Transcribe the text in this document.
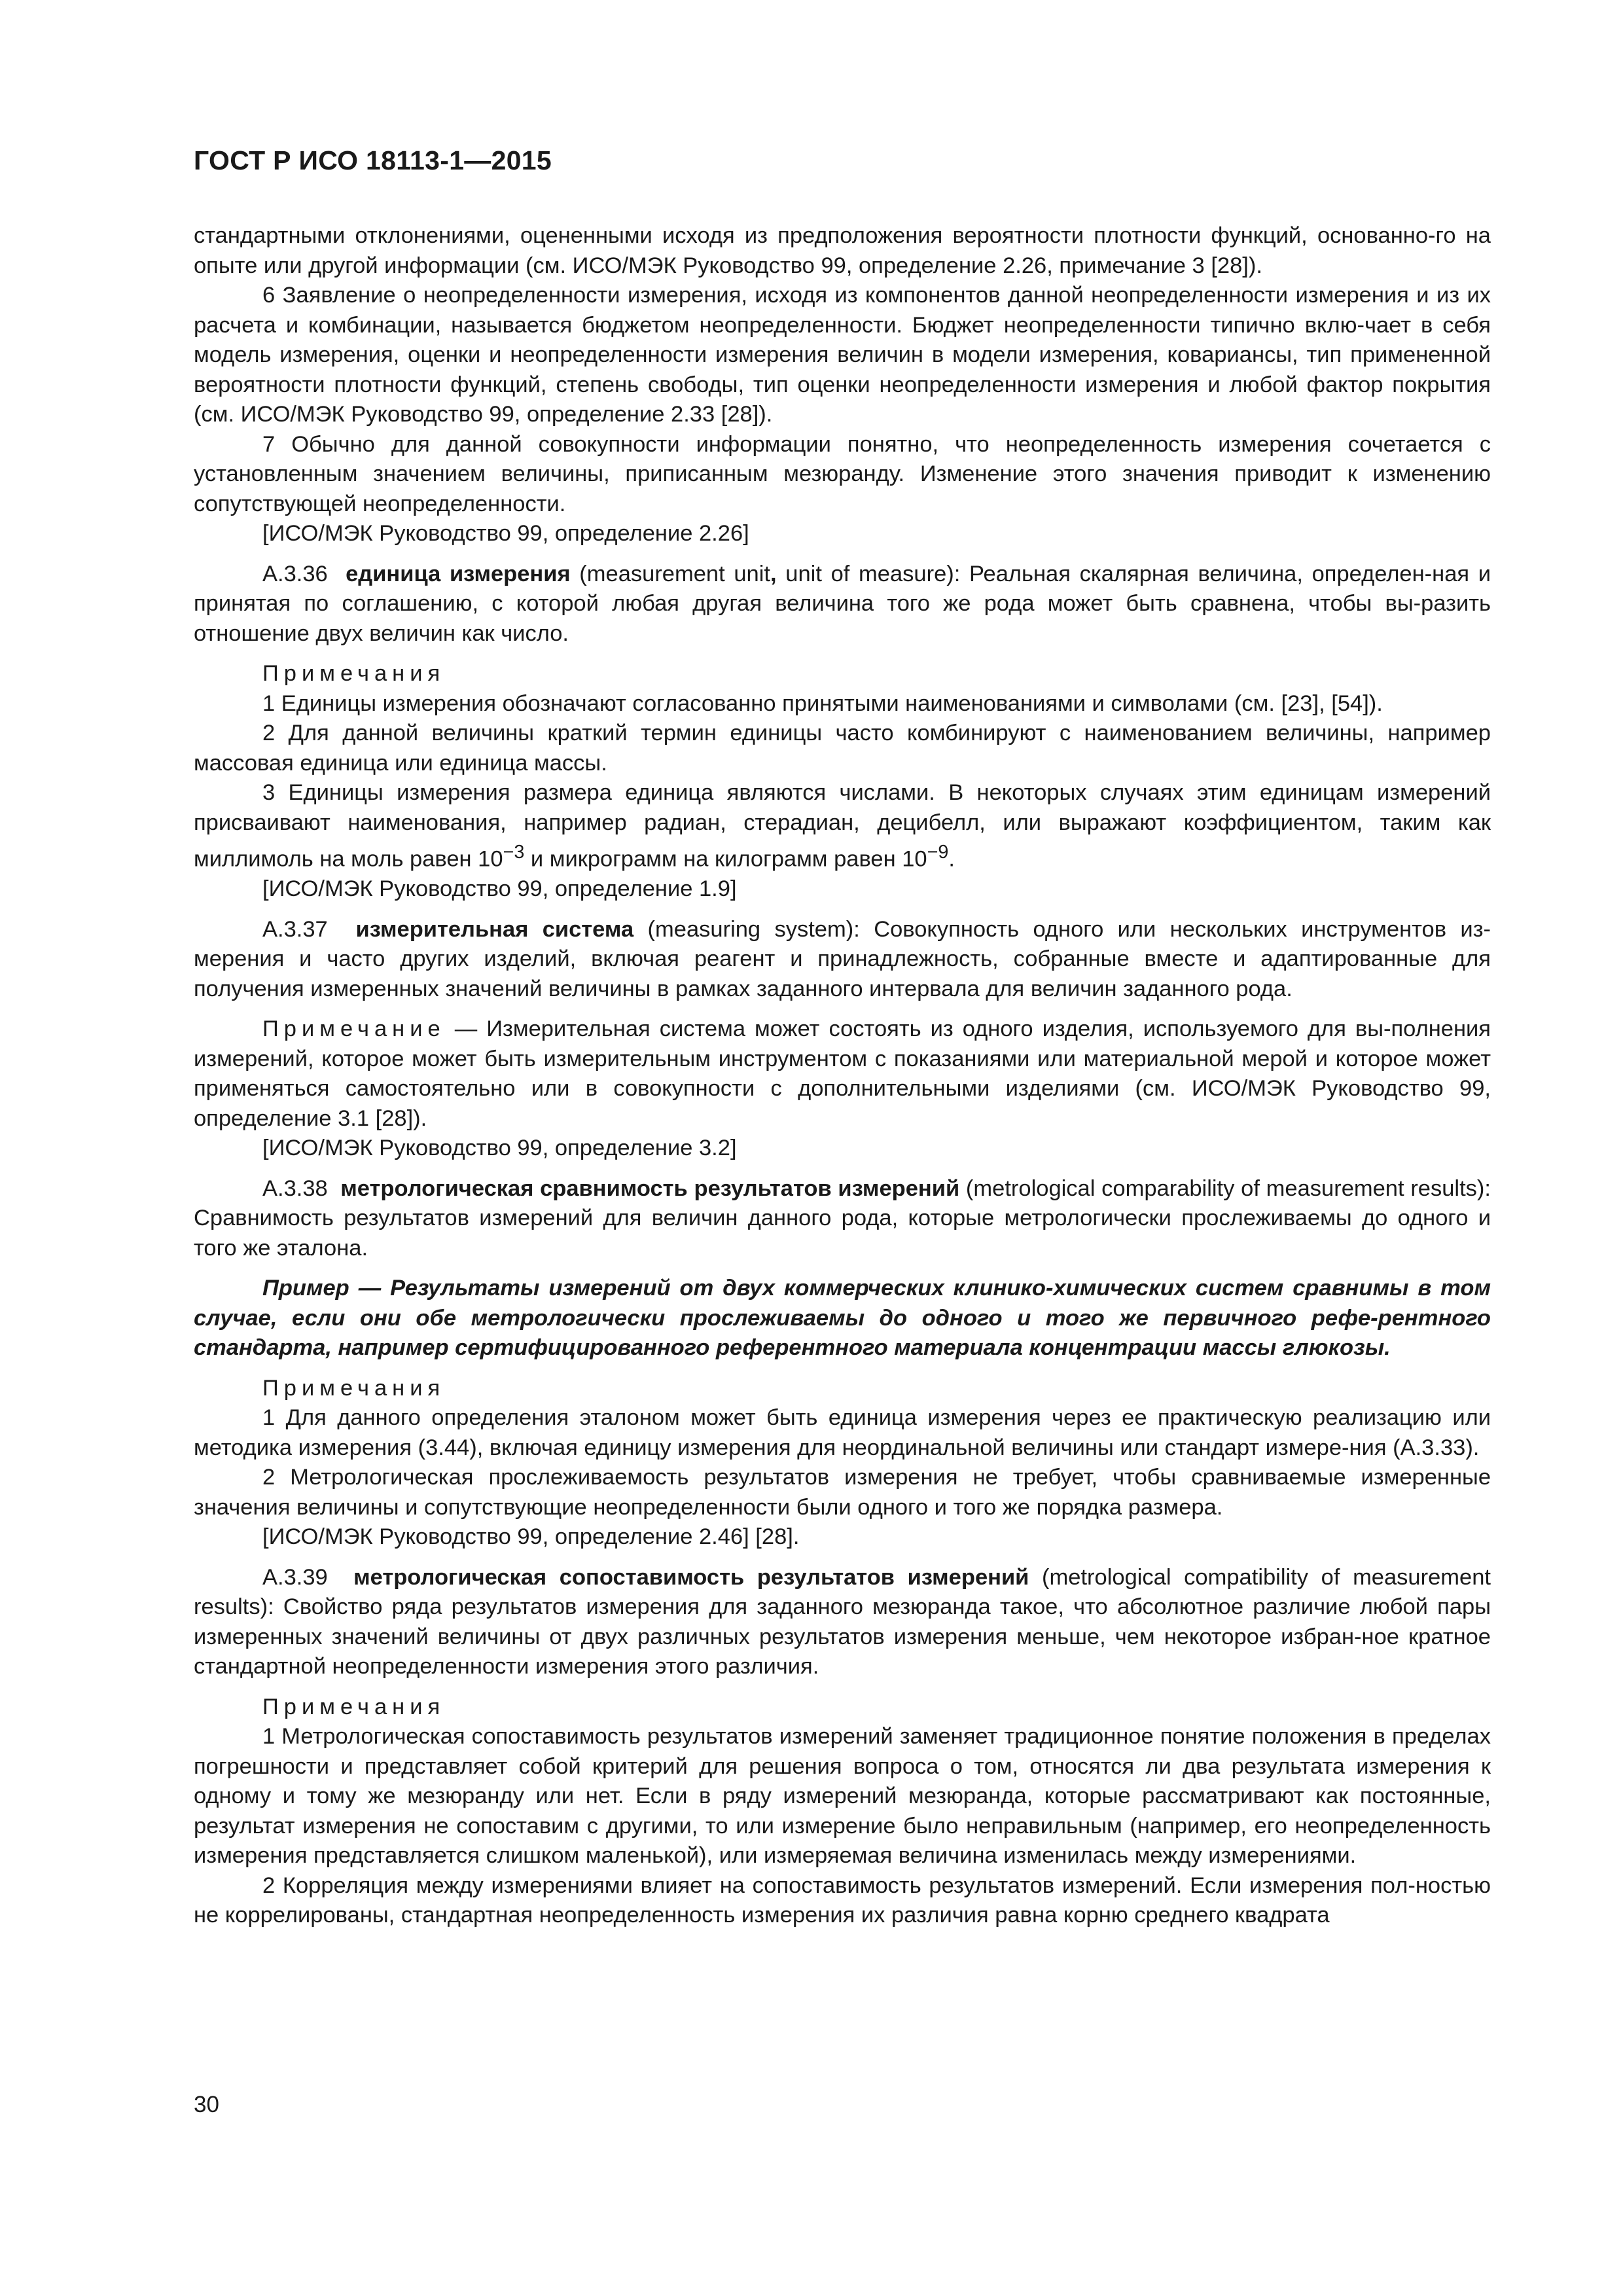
ГОСТ Р ИСО 18113-1—2015

стандартными отклонениями, оцененными исходя из предположения вероятности плотности функций, основанно-го на опыте или другой информации (см. ИСО/МЭК Руководство 99, определение 2.26, примечание 3 [28]).

6 Заявление о неопределенности измерения, исходя из компонентов данной неопределенности измерения и из их расчета и комбинации, называется бюджетом неопределенности. Бюджет неопределенности типично вклю-чает в себя модель измерения, оценки и неопределенности измерения величин в модели измерения, ковариансы, тип примененной вероятности плотности функций, степень свободы, тип оценки неопределенности измерения и любой фактор покрытия (см. ИСО/МЭК Руководство 99, определение 2.33 [28]).

7 Обычно для данной совокупности информации понятно, что неопределенность измерения сочетается с установленным значением величины, приписанным мезюранду. Изменение этого значения приводит к изменению сопутствующей неопределенности.

[ИСО/МЭК Руководство 99, определение 2.26]

А.3.36 единица измерения (measurement unit, unit of measure): Реальная скалярная величина, определен-ная и принятая по соглашению, с которой любая другая величина того же рода может быть сравнена, чтобы вы-разить отношение двух величин как число.

Примечания

1 Единицы измерения обозначают согласованно принятыми наименованиями и символами (см. [23], [54]).

2 Для данной величины краткий термин единицы часто комбинируют с наименованием величины, например массовая единица или единица массы.

3 Единицы измерения размера единица являются числами. В некоторых случаях этим единицам измерений присваивают наименования, например радиан, стерадиан, децибелл, или выражают коэффициентом, таким как миллимоль на моль равен $10^{-3}$ и микрограмм на килограмм равен $10^{-9}$.

[ИСО/МЭК Руководство 99, определение 1.9]

А.3.37 измерительная система (measuring system): Совокупность одного или нескольких инструментов из-мерения и часто других изделий, включая реагент и принадлежность, собранные вместе и адаптированные для получения измеренных значений величины в рамках заданного интервала для величин заданного рода.

Примечание — Измерительная система может состоять из одного изделия, используемого для вы-полнения измерений, которое может быть измерительным инструментом с показаниями или материальной мерой и которое может применяться самостоятельно или в совокупности с дополнительными изделиями (см. ИСО/МЭК Руководство 99, определение 3.1 [28]).

[ИСО/МЭК Руководство 99, определение 3.2]

А.3.38 метрологическая сравнимость результатов измерений (metrological comparability of measurement results): Сравнимость результатов измерений для величин данного рода, которые метрологически прослеживаемы до одного и того же эталона.

Пример — Результаты измерений от двух коммерческих клинико-химических систем сравнимы в том случае, если они обе метрологически прослеживаемы до одного и того же первичного рефе-рентного стандарта, например сертифицированного референтного материала концентрации массы глюкозы.

Примечания

1 Для данного определения эталоном может быть единица измерения через ее практическую реализацию или методика измерения (3.44), включая единицу измерения для неординальной величины или стандарт измере-ния (А.3.33).

2 Метрологическая прослеживаемость результатов измерения не требует, чтобы сравниваемые измеренные значения величины и сопутствующие неопределенности были одного и того же порядка размера.

[ИСО/МЭК Руководство 99, определение 2.46] [28].

А.3.39 метрологическая сопоставимость результатов измерений (metrological compatibility of measurement results): Свойство ряда результатов измерения для заданного мезюранда такое, что абсолютное различие любой пары измеренных значений величины от двух различных результатов измерения меньше, чем некоторое избран-ное кратное стандартной неопределенности измерения этого различия.

Примечания

1 Метрологическая сопоставимость результатов измерений заменяет традиционное понятие положения в пределах погрешности и представляет собой критерий для решения вопроса о том, относятся ли два результата измерения к одному и тому же мезюранду или нет. Если в ряду измерений мезюранда, которые рассматривают как постоянные, результат измерения не сопоставим с другими, то или измерение было неправильным (например, его неопределенность измерения представляется слишком маленькой), или измеряемая величина изменилась между измерениями.

2 Корреляция между измерениями влияет на сопоставимость результатов измерений. Если измерения пол-ностью не коррелированы, стандартная неопределенность измерения их различия равна корню среднего квадрата

30
